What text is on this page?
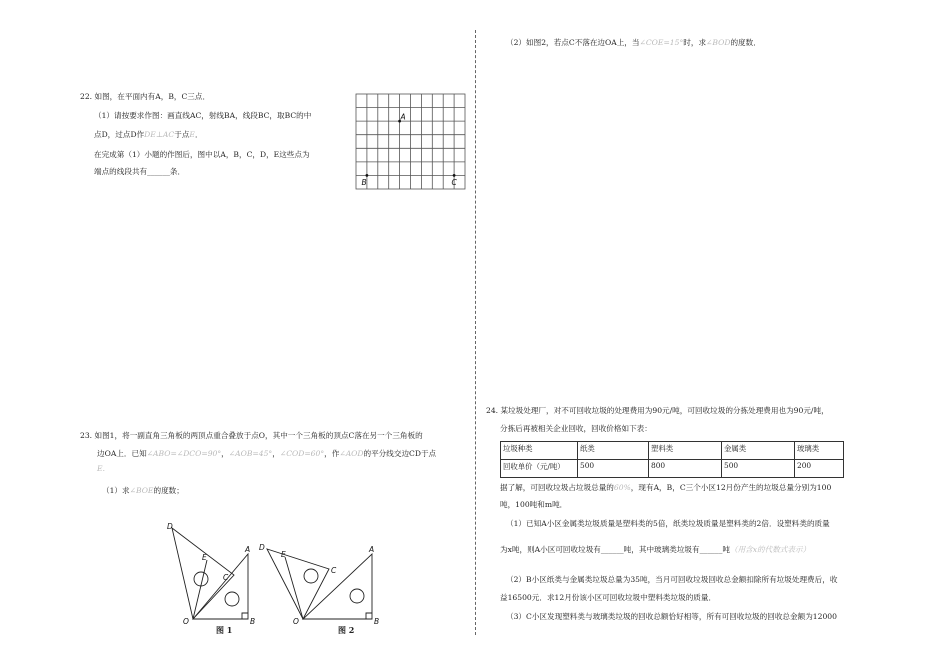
22. 如图，在平面内有A，B，C三点．
（1）请按要求作图：画直线AC，射线BA，线段BC，取BC的中
点D，过点D作DE⊥AC于点E．
在完成第（1）小题的作图后，图中以A，B，C，D，E这些点为
端点的线段共有______条．
A
B	C
23. 如图1，将一副直角三角板的两顶点重合叠放于点O，其中一个三角板的顶点C落在另一个三角板的
边OA上．已知∠ABO=∠DCO=90°，∠AOB=45°，∠COD=60°，作∠AOD的平分线交边CD于点
E．
（1）求∠BOE的度数；
D
E
C
A
O	B
图 1
D
E
C
A
O	B
图 2
（2）如图2，若点C不落在边OA上，当∠COE=15°时，求∠BOD的度数．
24. 某垃圾处理厂，对不可回收垃圾的处理费用为90元/吨，可回收垃圾的分拣处理费用也为90元/吨，
分拣后再被相关企业回收，回收价格如下表：
垃圾种类	纸类	塑料类	金属类	玻璃类
回收单价（元/吨）	500	800	500	200
据了解，可回收垃圾占垃圾总量的60%，现有A，B，C三个小区12月份产生的垃圾总量分别为100
吨，100吨和m吨．
（1）已知A小区金属类垃圾质量是塑料类的5倍，纸类垃圾质量是塑料类的2倍．设塑料类的质量
为x吨，则A小区可回收垃圾有______吨，其中玻璃类垃圾有______吨（用含x的代数式表示）
（2）B小区纸类与金属类垃圾总量为35吨，当月可回收垃圾回收总金额扣除所有垃圾处理费后，收
益16500元．求12月份该小区可回收垃圾中塑料类垃圾的质量．
（3）C小区发现塑料类与玻璃类垃圾的回收总额恰好相等，所有可回收垃圾的回收总金额为12000
